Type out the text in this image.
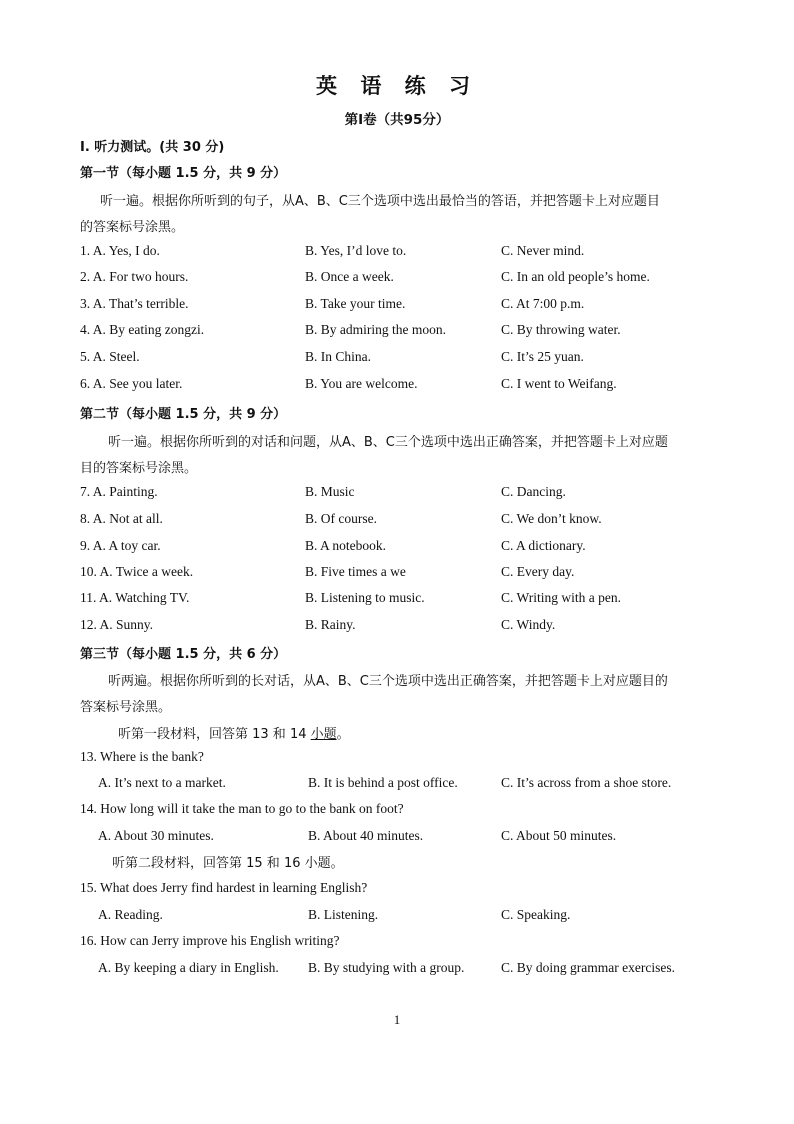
英 语 练 习
第I卷（共95分）
I. 听力测试。(共 30 分)
第一节（每小题 1.5 分，共 9 分）
听一遍。根据你所听到的句子，从A、B、C三个选项中选出最恰当的答语，并把答题卡上对应题目
的答案标号涂黑。
1. A. Yes, I do.	B. Yes, I’d love to.	C. Never mind.
2. A. For two hours.	B. Once a week.	C. In an old people’s home.
3. A. That’s terrible.	B. Take your time.	C. At 7:00 p.m.
4. A. By eating zongzi.	B. By admiring the moon.	C. By throwing water.
5. A. Steel.	B. In China.	C. It’s 25 yuan.
6. A. See you later.	B. You are welcome.	C. I went to Weifang.
第二节（每小题 1.5 分，共 9 分）
听一遍。根据你所听到的对话和问题，从A、B、C三个选项中选出正确答案，并把答题卡上对应题
目的答案标号涂黑。
7. A. Painting.	B. Music	C. Dancing.
8. A. Not at all.	B. Of course.	C. We don’t know.
9. A. A toy car.	B. A notebook.	C. A dictionary.
10. A. Twice a week.	B. Five times a we	C. Every day.
11. A. Watching TV.	B. Listening to music.	C. Writing with a pen.
12. A. Sunny.	B. Rainy.	C. Windy.
第三节（每小题 1.5 分，共 6 分）
听两遍。根据你所听到的长对话，从A、B、C三个选项中选出正确答案，并把答题卡上对应题目的
答案标号涂黑。
听第一段材料，回答第 13 和 14 小题。
13. Where is the bank?
A. It’s next to a market.	B. It is behind a post office.	C. It’s across from a shoe store.
14. How long will it take the man to go to the bank on foot?
A. About 30 minutes.	B. About 40 minutes.	C. About 50 minutes.
听第二段材料，回答第 15 和 16 小题。
15. What does Jerry find hardest in learning English?
A. Reading.	B. Listening.	C. Speaking.
16. How can Jerry improve his English writing?
A. By keeping a diary in English. B. By studying with a group.	C. By doing grammar exercises.
1
